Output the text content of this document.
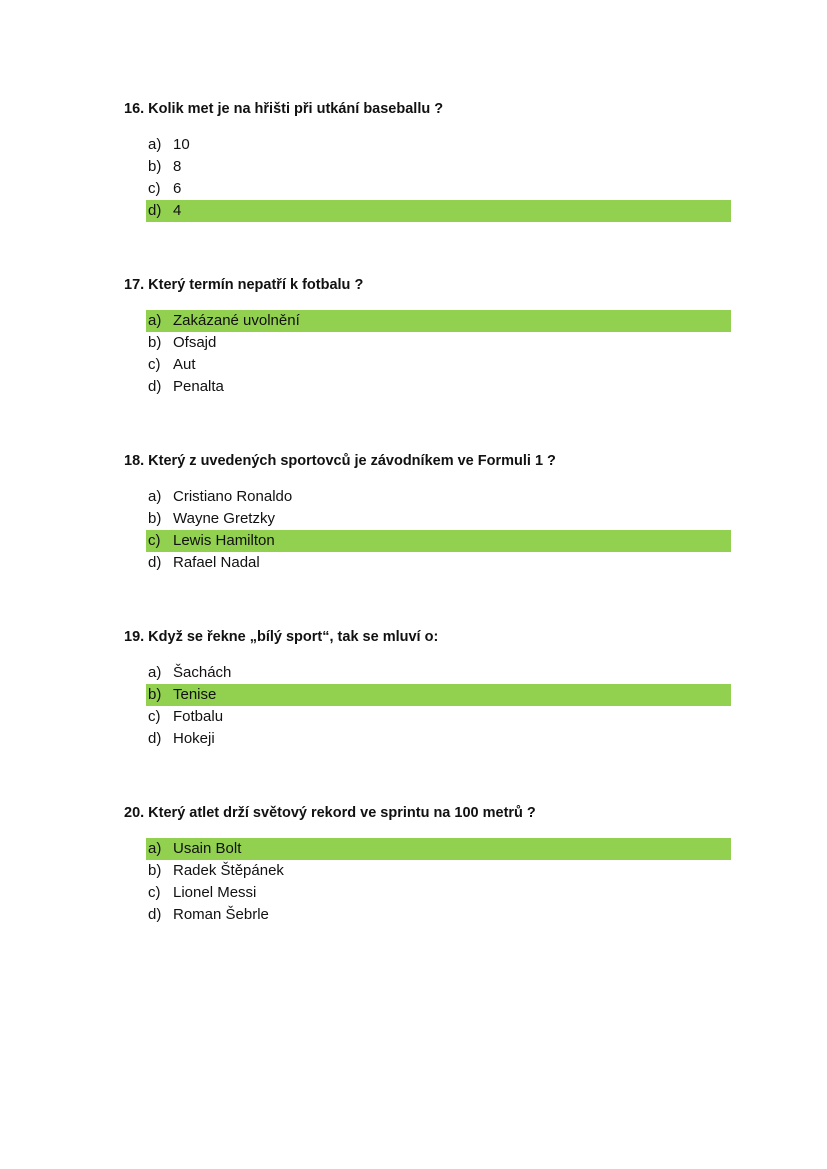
16. Kolik met je na hřišti při utkání baseballu ?
a) 10
b) 8
c) 6
d) 4
17. Který termín nepatří k fotbalu ?
a) Zakázané uvolnění
b) Ofsajd
c) Aut
d) Penalta
18. Který z uvedených sportovců je závodníkem ve Formuli 1 ?
a) Cristiano Ronaldo
b) Wayne Gretzky
c) Lewis Hamilton
d) Rafael Nadal
19. Když se řekne „bílý sport“, tak se mluví o:
a) Šachách
b) Tenise
c) Fotbalu
d) Hokeji
20. Který atlet drží světový rekord ve sprintu na 100 metrů ?
a) Usain Bolt
b) Radek Štěpánek
c) Lionel Messi
d) Roman Šebrle
